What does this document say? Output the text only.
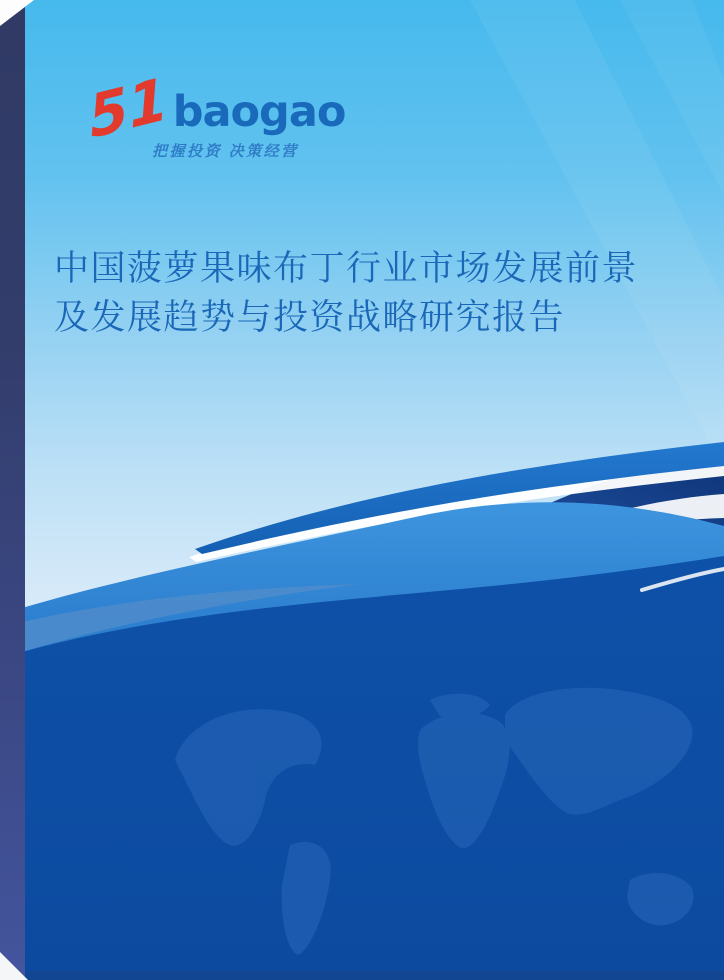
51 baogao
把握投资 决策经营
中国菠萝果味布丁行业市场发展前景
及发展趋势与投资战略研究报告
